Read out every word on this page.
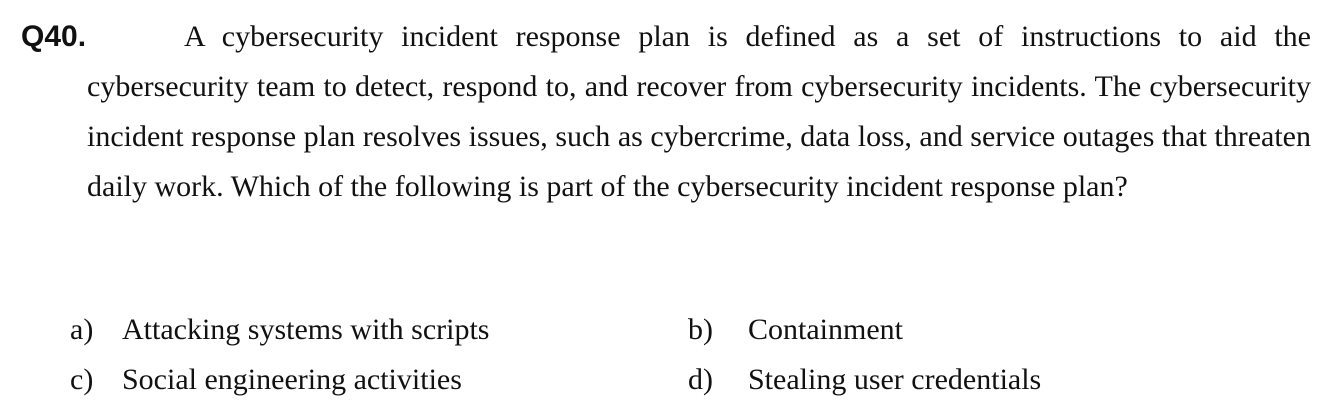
Q40.	A cybersecurity incident response plan is defined as a set of instructions to aid the cybersecurity team to detect, respond to, and recover from cybersecurity incidents. The cybersecurity incident response plan resolves issues, such as cybercrime, data loss, and service outages that threaten daily work. Which of the following is part of the cybersecurity incident response plan?

a) Attacking systems with scripts	b) Containment
c) Social engineering activities	d) Stealing user credentials
